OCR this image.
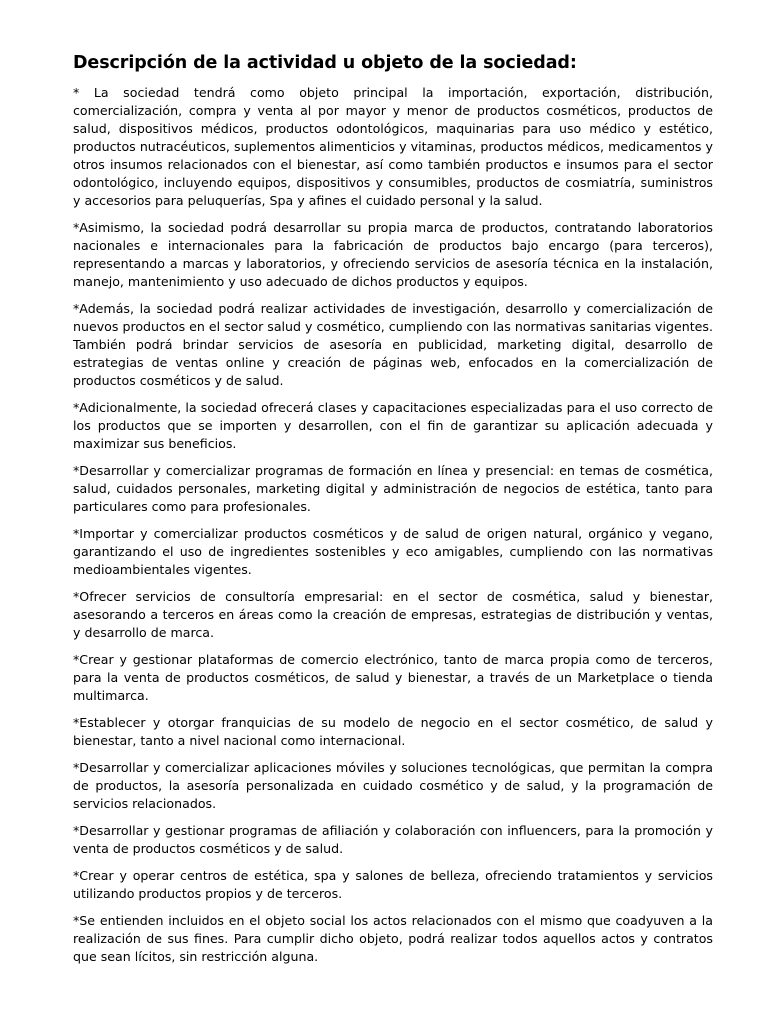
Descripción de la actividad u objeto de la sociedad:

* La sociedad tendrá como objeto principal la importación, exportación, distribución, comercialización, compra y venta al por mayor y menor de productos cosméticos, productos de salud, dispositivos médicos, productos odontológicos, maquinarias para uso médico y estético, productos nutracéuticos, suplementos alimenticios y vitaminas, productos médicos, medicamentos y otros insumos relacionados con el bienestar, así como también productos e insumos para el sector odontológico, incluyendo equipos, dispositivos y consumibles, productos de cosmiatría, suministros y accesorios para peluquerías, Spa y afines el cuidado personal y la salud.

*Asimismo, la sociedad podrá desarrollar su propia marca de productos, contratando laboratorios nacionales e internacionales para la fabricación de productos bajo encargo (para terceros), representando a marcas y laboratorios, y ofreciendo servicios de asesoría técnica en la instalación, manejo, mantenimiento y uso adecuado de dichos productos y equipos.

*Además, la sociedad podrá realizar actividades de investigación, desarrollo y comercialización de nuevos productos en el sector salud y cosmético, cumpliendo con las normativas sanitarias vigentes. También podrá brindar servicios de asesoría en publicidad, marketing digital, desarrollo de estrategias de ventas online y creación de páginas web, enfocados en la comercialización de productos cosméticos y de salud.

*Adicionalmente, la sociedad ofrecerá clases y capacitaciones especializadas para el uso correcto de los productos que se importen y desarrollen, con el fin de garantizar su aplicación adecuada y maximizar sus beneficios.

*Desarrollar y comercializar programas de formación en línea y presencial: en temas de cosmética, salud, cuidados personales, marketing digital y administración de negocios de estética, tanto para particulares como para profesionales.

*Importar y comercializar productos cosméticos y de salud de origen natural, orgánico y vegano, garantizando el uso de ingredientes sostenibles y eco amigables, cumpliendo con las normativas medioambientales vigentes.

*Ofrecer servicios de consultoría empresarial: en el sector de cosmética, salud y bienestar, asesorando a terceros en áreas como la creación de empresas, estrategias de distribución y ventas, y desarrollo de marca.

*Crear y gestionar plataformas de comercio electrónico, tanto de marca propia como de terceros, para la venta de productos cosméticos, de salud y bienestar, a través de un Marketplace o tienda multimarca.

*Establecer y otorgar franquicias de su modelo de negocio en el sector cosmético, de salud y bienestar, tanto a nivel nacional como internacional.

*Desarrollar y comercializar aplicaciones móviles y soluciones tecnológicas, que permitan la compra de productos, la asesoría personalizada en cuidado cosmético y de salud, y la programación de servicios relacionados.

*Desarrollar y gestionar programas de afiliación y colaboración con influencers, para la promoción y venta de productos cosméticos y de salud.

*Crear y operar centros de estética, spa y salones de belleza, ofreciendo tratamientos y servicios utilizando productos propios y de terceros.

*Se entienden incluidos en el objeto social los actos relacionados con el mismo que coadyuven a la realización de sus fines. Para cumplir dicho objeto, podrá realizar todos aquellos actos y contratos que sean lícitos, sin restricción alguna.
